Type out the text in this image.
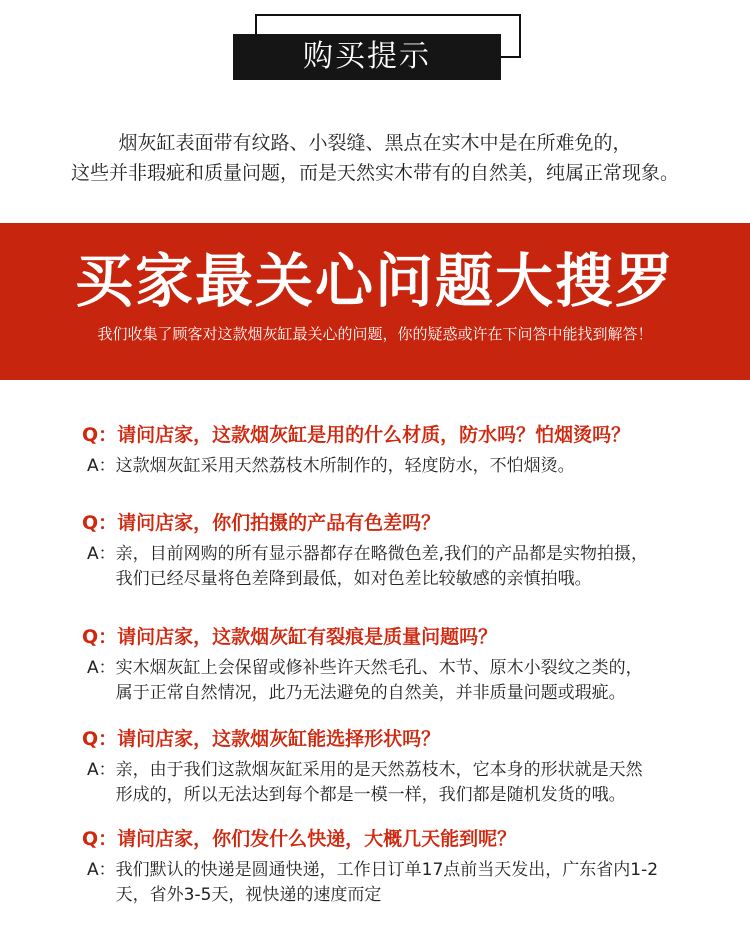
购买提示
烟灰缸表面带有纹路、小裂缝、黑点在实木中是在所难免的，
这些并非瑕疵和质量问题，而是天然实木带有的自然美，纯属正常现象。
买家最关心问题大搜罗
我们收集了顾客对这款烟灰缸最关心的问题，你的疑惑或许在下问答中能找到解答！
Q：请问店家，这款烟灰缸是用的什么材质，防水吗？怕烟烫吗？
A： 这款烟灰缸采用天然荔枝木所制作的，轻度防水，不怕烟烫。
Q：请问店家，你们拍摄的产品有色差吗？
A： 亲，目前网购的所有显示器都存在略微色差,我们的产品都是实物拍摄，
我们已经尽量将色差降到最低，如对色差比较敏感的亲慎拍哦。
Q：请问店家，这款烟灰缸有裂痕是质量问题吗？
A： 实木烟灰缸上会保留或修补些许天然毛孔、木节、原木小裂纹之类的，
属于正常自然情况，此乃无法避免的自然美，并非质量问题或瑕疵。
Q：请问店家，这款烟灰缸能选择形状吗？
A： 亲，由于我们这款烟灰缸采用的是天然荔枝木，它本身的形状就是天然
形成的，所以无法达到每个都是一模一样，我们都是随机发货的哦。
Q：请问店家，你们发什么快递，大概几天能到呢？
A： 我们默认的快递是圆通快递，工作日订单17点前当天发出，广东省内1-2
天，省外3-5天，视快递的速度而定
